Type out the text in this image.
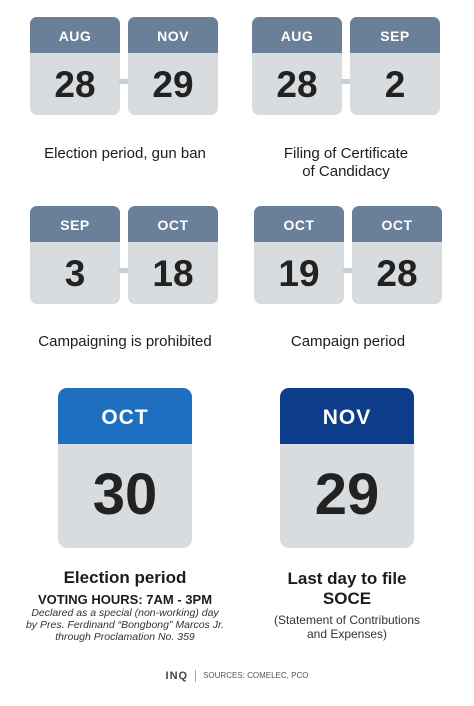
AUG
28
NOV
29
Election period, gun ban
AUG
28
SEP
2
Filing of Certificate
of Candidacy
SEP
3
OCT
18
Campaigning is prohibited
OCT
19
OCT
28
Campaign period
OCT
30
Election period
VOTING HOURS: 7AM - 3PM
Declared as a special (non-working) day
by Pres. Ferdinand “Bongbong” Marcos Jr.
through Proclamation No. 359
NOV
29
Last day to file
SOCE
(Statement of Contributions
and Expenses)
INQ SOURCES: COMELEC, PCO
